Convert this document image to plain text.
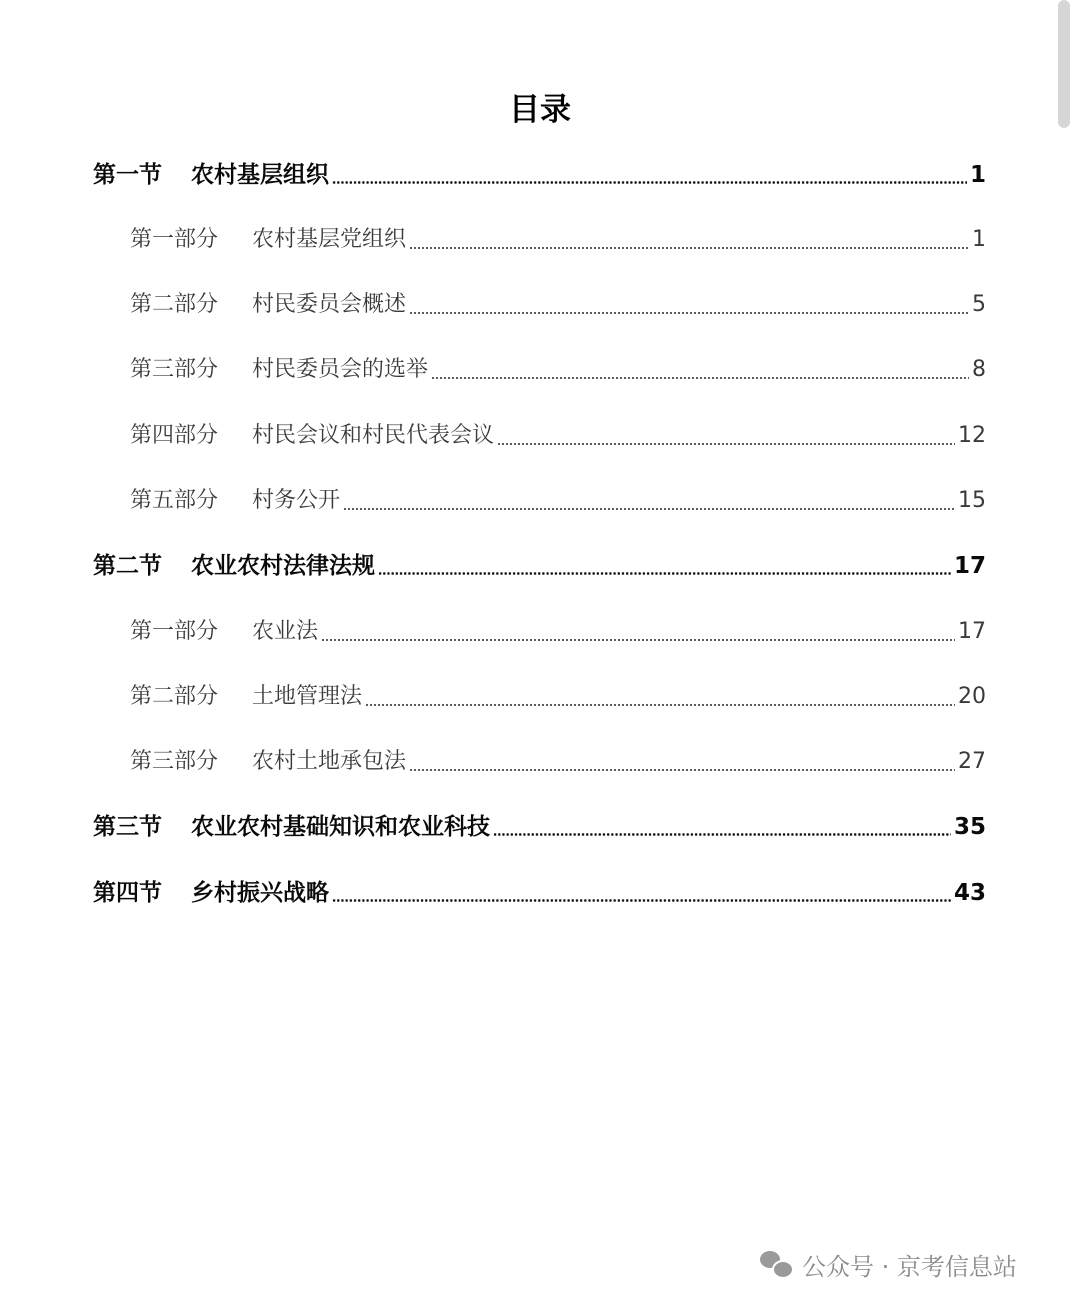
目录
第一节	农村基层组织	1
第一部分	农村基层党组织	1
第二部分	村民委员会概述	5
第三部分	村民委员会的选举	8
第四部分	村民会议和村民代表会议	12
第五部分	村务公开	15
第二节	农业农村法律法规	17
第一部分	农业法	17
第二部分	土地管理法	20
第三部分	农村土地承包法	27
第三节	农业农村基础知识和农业科技	35
第四节	乡村振兴战略	43
公众号 · 京考信息站
